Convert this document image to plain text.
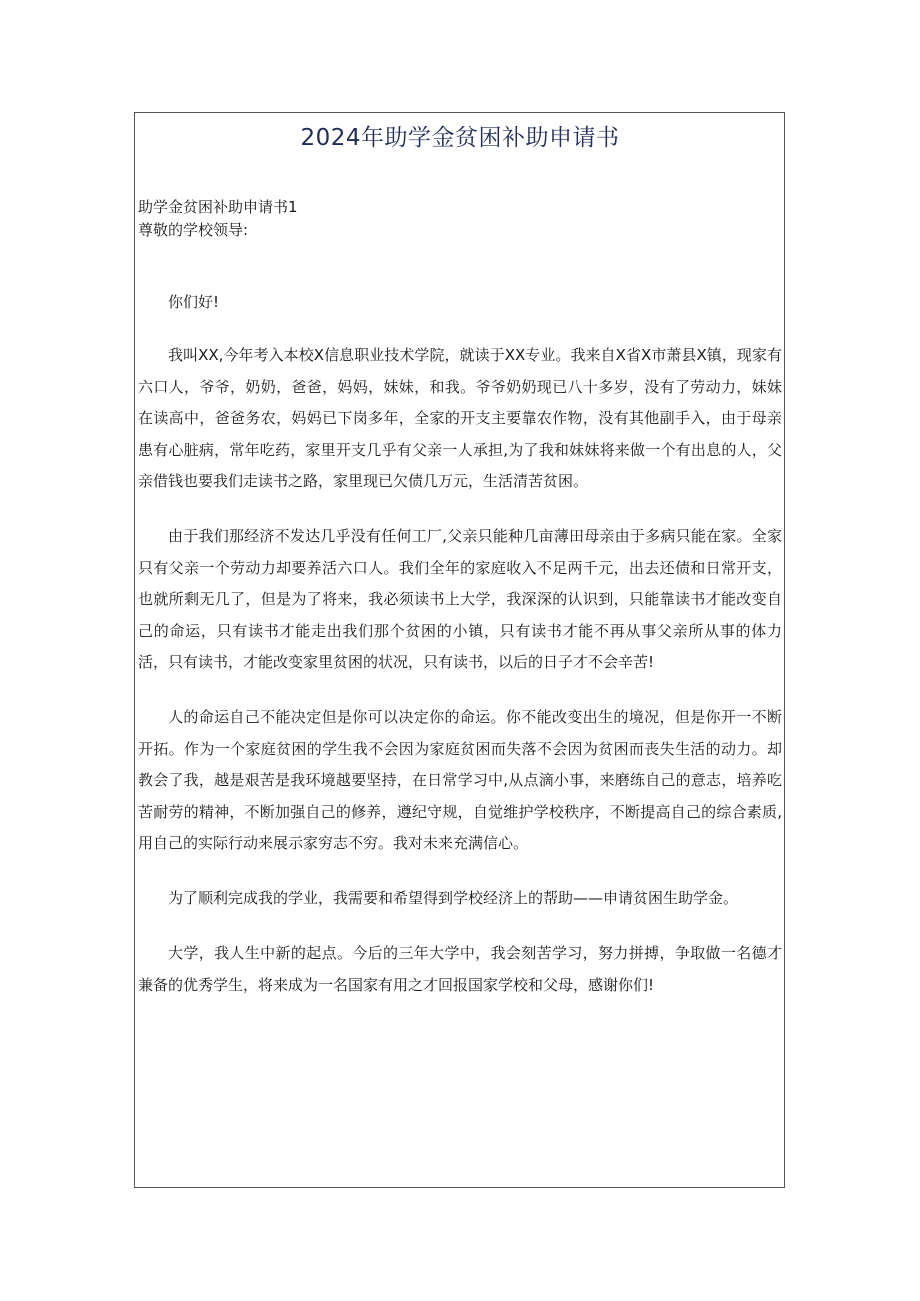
2024年助学金贫困补助申请书

助学金贫困补助申请书1

尊敬的学校领导:

你们好!

我叫XX,今年考入本校X信息职业技术学院，就读于XX专业。我来自X省X市萧县X镇，现家有六口人，爷爷，奶奶，爸爸，妈妈，妹妹，和我。爷爷奶奶现已八十多岁，没有了劳动力，妹妹在读高中，爸爸务农，妈妈已下岗多年，全家的开支主要靠农作物，没有其他副手入，由于母亲患有心脏病，常年吃药，家里开支几乎有父亲一人承担,为了我和妹妹将来做一个有出息的人，父亲借钱也要我们走读书之路，家里现已欠债几万元，生活清苦贫困。

由于我们那经济不发达几乎没有任何工厂,父亲只能种几亩薄田母亲由于多病只能在家。全家只有父亲一个劳动力却要养活六口人。我们全年的家庭收入不足两千元，出去还债和日常开支，也就所剩无几了，但是为了将来，我必须读书上大学，我深深的认识到，只能靠读书才能改变自己的命运，只有读书才能走出我们那个贫困的小镇，只有读书才能不再从事父亲所从事的体力活，只有读书，才能改变家里贫困的状况，只有读书，以后的日子才不会辛苦!

人的命运自己不能决定但是你可以决定你的命运。你不能改变出生的境况，但是你开一不断开拓。作为一个家庭贫困的学生我不会因为家庭贫困而失落不会因为贫困而丧失生活的动力。却教会了我，越是艰苦是我环境越要坚持，在日常学习中,从点滴小事，来磨练自己的意志，培养吃苦耐劳的精神，不断加强自己的修养，遵纪守规，自觉维护学校秩序，不断提高自己的综合素质,用自己的实际行动来展示家穷志不穷。我对未来充满信心。

为了顺利完成我的学业，我需要和希望得到学校经济上的帮助——申请贫困生助学金。

大学，我人生中新的起点。今后的三年大学中，我会刻苦学习，努力拼搏，争取做一名德才兼备的优秀学生，将来成为一名国家有用之才回报国家学校和父母，感谢你们!
